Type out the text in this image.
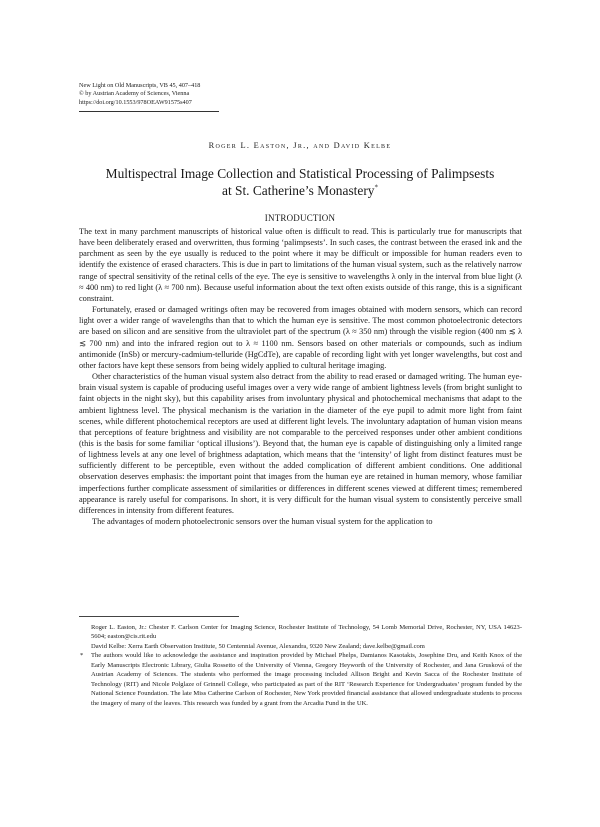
New Light on Old Manuscripts, VB 45, 407–418
© by Austrian Academy of Sciences, Vienna
https://doi.org/10.1553/978OEAW91575s407
Roger L. Easton, Jr., and David Kelbe
Multispectral Image Collection and Statistical Processing of Palimpsests
at St. Catherine’s Monastery*
INTRODUCTION

The text in many parchment manuscripts of historical value often is difficult to read. This is particularly true for manuscripts that have been deliberately erased and overwritten, thus forming ‘palimpsests’. In such cases, the contrast between the erased ink and the parchment as seen by the eye usually is reduced to the point where it may be difficult or impossible for human readers even to identify the existence of erased characters. This is due in part to limitations of the human visual system, such as the relatively narrow range of spectral sensitivity of the retinal cells of the eye. The eye is sensitive to wavelengths λ only in the interval from blue light (λ ≈ 400 nm) to red light (λ ≈ 700 nm). Because useful information about the text often exists outside of this range, this is a significant constraint.

Fortunately, erased or damaged writings often may be recovered from images obtained with modern sensors, which can record light over a wider range of wavelengths than that to which the human eye is sensitive. The most common photoelectronic detectors are based on silicon and are sensitive from the ultraviolet part of the spectrum (λ ≈ 350 nm) through the visible region (400 nm ≲ λ ≲ 700 nm) and into the infrared region out to λ ≈ 1100 nm. Sensors based on other materials or compounds, such as indium antimonide (InSb) or mercury-cadmium-telluride (HgCdTe), are capable of recording light with yet longer wavelengths, but cost and other factors have kept these sensors from being widely applied to cultural heritage imaging.

Other characteristics of the human visual system also detract from the ability to read erased or damaged writing. The human eye-brain visual system is capable of producing useful images over a very wide range of ambient lightness levels (from bright sunlight to faint objects in the night sky), but this capability arises from involuntary physical and photochemical mechanisms that adapt to the ambient lightness level. The physical mechanism is the variation in the diameter of the eye pupil to admit more light from faint scenes, while different photochemical receptors are used at different light levels. The involuntary adaptation of human vision means that perceptions of feature brightness and visibility are not comparable to the perceived responses under other ambient conditions (this is the basis for some familiar ‘optical illusions’). Beyond that, the human eye is capable of distinguishing only a limited range of lightness levels at any one level of brightness adaptation, which means that the ‘intensity’ of light from distinct features must be sufficiently different to be perceptible, even without the added complication of different ambient conditions. One additional observation deserves emphasis: the important point that images from the human eye are retained in human memory, whose familiar imperfections further complicate assessment of similarities or differences in different scenes viewed at different times; remembered appearance is rarely useful for comparisons. In short, it is very difficult for the human visual system to consistently perceive small differences in intensity from different features.

The advantages of modern photoelectronic sensors over the human visual system for the application to

Roger L. Easton, Jr.: Chester F. Carlson Center for Imaging Science, Rochester Institute of Technology, 54 Lomb Memorial Drive, Rochester, NY, USA 14623-5604; easton@cis.rit.edu

David Kelbe: Xerra Earth Observation Institute, 50 Centennial Avenue, Alexandra, 9320 New Zealand; dave.kelbe@gmail.com

* The authors would like to acknowledge the assistance and inspiration provided by Michael Phelps, Damianos Kasotakis, Josephine Dru, and Keith Knox of the Early Manuscripts Electronic Library, Giulia Rossetto of the University of Vienna, Gregory Heyworth of the University of Rochester, and Jana Grusková of the Austrian Academy of Sciences. The students who performed the image processing included Allison Bright and Kevin Sacca of the Rochester Institute of Technology (RIT) and Nicole Polglaze of Grinnell College, who participated as part of the RIT ‘Research Experience for Undergraduates’ program funded by the National Science Foundation. The late Miss Catherine Carlson of Rochester, New York provided financial assistance that allowed undergraduate students to process the imagery of many of the leaves. This research was funded by a grant from the Arcadia Fund in the UK.
